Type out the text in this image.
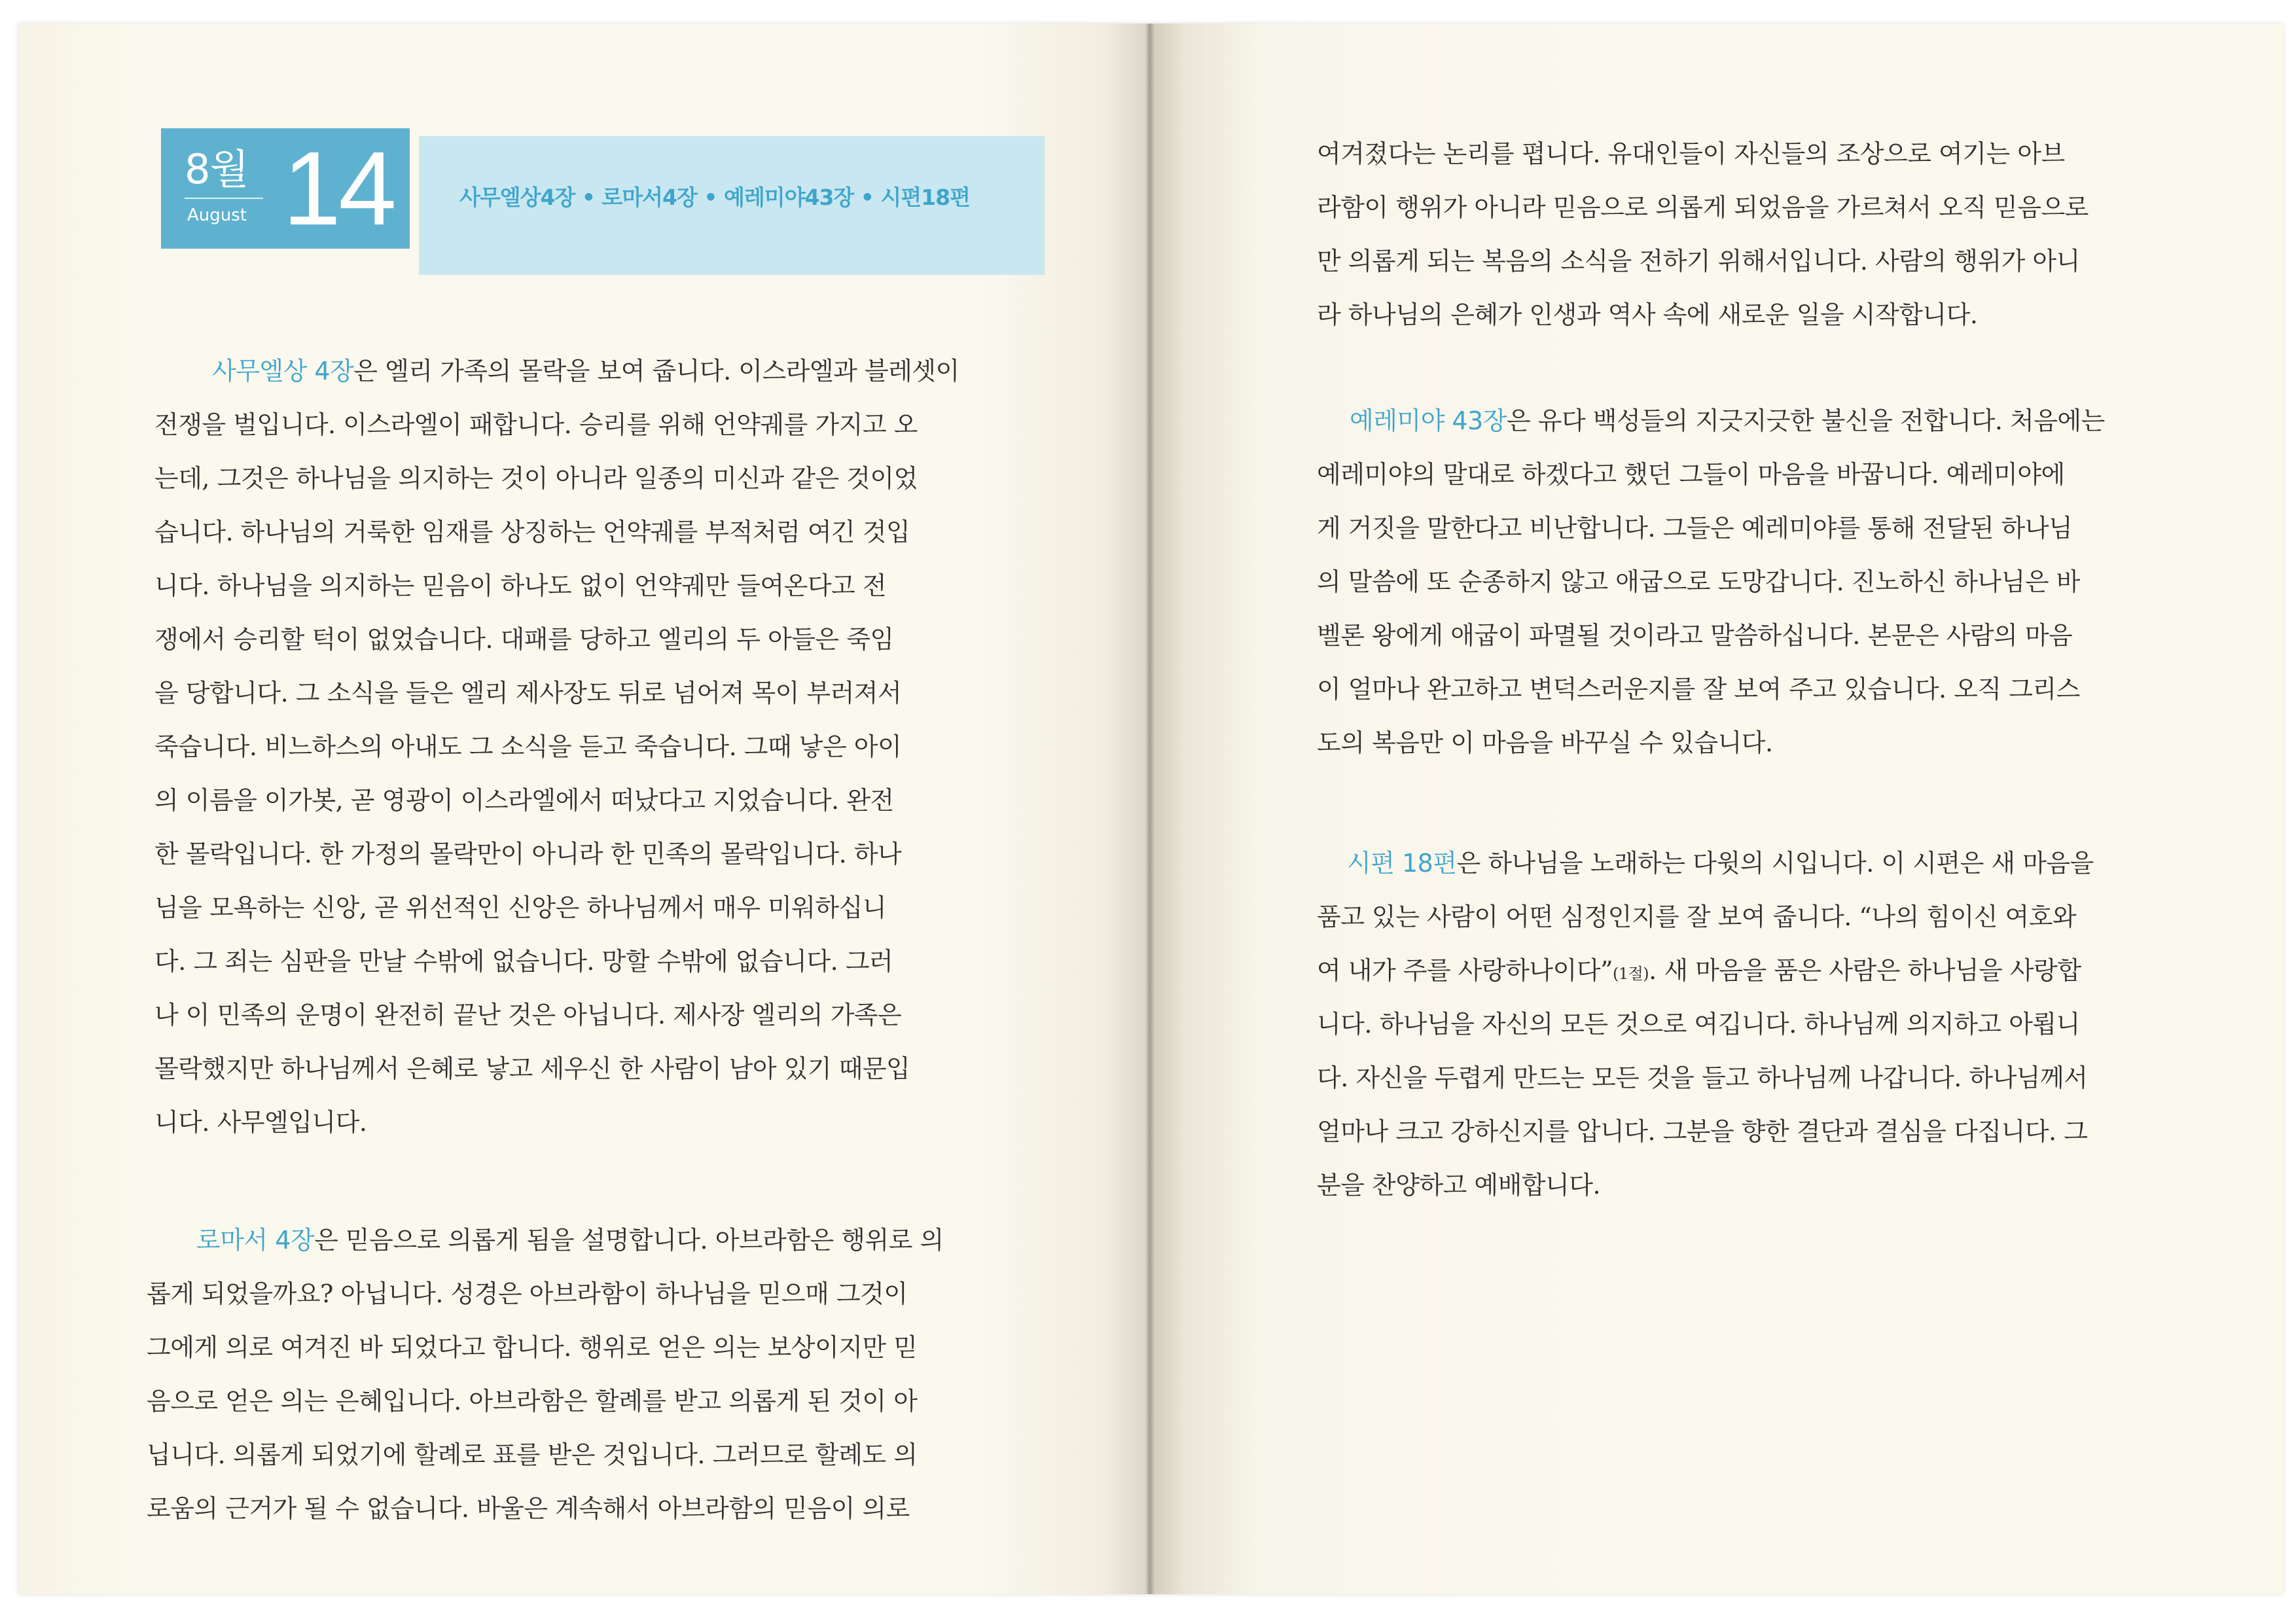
8월
August 14	사무엘상4장 • 로마서4장 • 예레미야43장 • 시편18편
사무엘상 4장은 엘리 가족의 몰락을 보여 줍니다. 이스라엘과 블레셋이
전쟁을 벌입니다. 이스라엘이 패합니다. 승리를 위해 언약궤를 가지고 오
는데, 그것은 하나님을 의지하는 것이 아니라 일종의 미신과 같은 것이었
습니다. 하나님의 거룩한 임재를 상징하는 언약궤를 부적처럼 여긴 것입
니다. 하나님을 의지하는 믿음이 하나도 없이 언약궤만 들여온다고 전
쟁에서 승리할 턱이 없었습니다. 대패를 당하고 엘리의 두 아들은 죽임
을 당합니다. 그 소식을 들은 엘리 제사장도 뒤로 넘어져 목이 부러져서
죽습니다. 비느하스의 아내도 그 소식을 듣고 죽습니다. 그때 낳은 아이
의 이름을 이가봇, 곧 영광이 이스라엘에서 떠났다고 지었습니다. 완전
한 몰락입니다. 한 가정의 몰락만이 아니라 한 민족의 몰락입니다. 하나
님을 모욕하는 신앙, 곧 위선적인 신앙은 하나님께서 매우 미워하십니
다. 그 죄는 심판을 만날 수밖에 없습니다. 망할 수밖에 없습니다. 그러
나 이 민족의 운명이 완전히 끝난 것은 아닙니다. 제사장 엘리의 가족은
몰락했지만 하나님께서 은혜로 낳고 세우신 한 사람이 남아 있기 때문입
니다. 사무엘입니다.
로마서 4장은 믿음으로 의롭게 됨을 설명합니다. 아브라함은 행위로 의
롭게 되었을까요? 아닙니다. 성경은 아브라함이 하나님을 믿으매 그것이
그에게 의로 여겨진 바 되었다고 합니다. 행위로 얻은 의는 보상이지만 믿
음으로 얻은 의는 은혜입니다. 아브라함은 할례를 받고 의롭게 된 것이 아
닙니다. 의롭게 되었기에 할례로 표를 받은 것입니다. 그러므로 할례도 의
로움의 근거가 될 수 없습니다. 바울은 계속해서 아브라함의 믿음이 의로
여겨졌다는 논리를 폅니다. 유대인들이 자신들의 조상으로 여기는 아브
라함이 행위가 아니라 믿음으로 의롭게 되었음을 가르쳐서 오직 믿음으로
만 의롭게 되는 복음의 소식을 전하기 위해서입니다. 사람의 행위가 아니
라 하나님의 은혜가 인생과 역사 속에 새로운 일을 시작합니다.
예레미야 43장은 유다 백성들의 지긋지긋한 불신을 전합니다. 처음에는
예레미야의 말대로 하겠다고 했던 그들이 마음을 바꿉니다. 예레미야에
게 거짓을 말한다고 비난합니다. 그들은 예레미야를 통해 전달된 하나님
의 말씀에 또 순종하지 않고 애굽으로 도망갑니다. 진노하신 하나님은 바
벨론 왕에게 애굽이 파멸될 것이라고 말씀하십니다. 본문은 사람의 마음
이 얼마나 완고하고 변덕스러운지를 잘 보여 주고 있습니다. 오직 그리스
도의 복음만 이 마음을 바꾸실 수 있습니다.
시편 18편은 하나님을 노래하는 다윗의 시입니다. 이 시편은 새 마음을
품고 있는 사람이 어떤 심정인지를 잘 보여 줍니다. “나의 힘이신 여호와
여 내가 주를 사랑하나이다”(1절). 새 마음을 품은 사람은 하나님을 사랑합
니다. 하나님을 자신의 모든 것으로 여깁니다. 하나님께 의지하고 아룁니
다. 자신을 두렵게 만드는 모든 것을 들고 하나님께 나갑니다. 하나님께서
얼마나 크고 강하신지를 압니다. 그분을 향한 결단과 결심을 다집니다. 그
분을 찬양하고 예배합니다.
